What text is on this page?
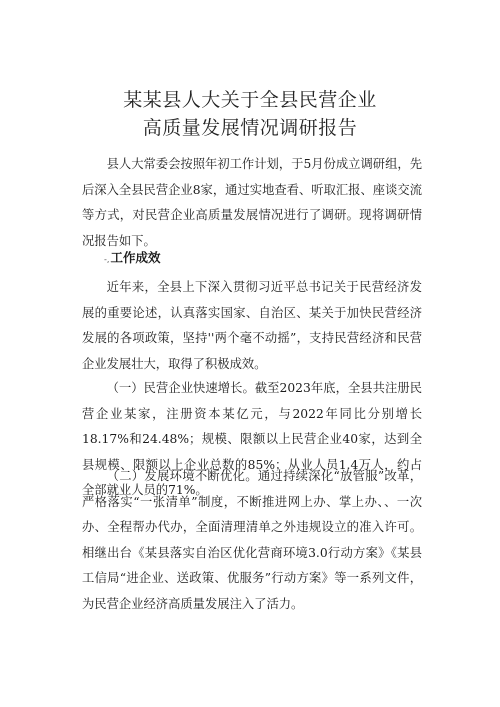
某某县人大关于全县民营企业
高质量发展情况调研报告
县人大常委会按照年初工作计划，于5月份成立调研组，先后深入全县民营企业8家，通过实地查看、听取汇报、座谈交流等方式，对民营企业高质量发展情况进行了调研。现将调研情况报告如下。
-,工作成效
近年来，全县上下深入贯彻习近平总书记关于民营经济发展的重要论述，认真落实国家、自治区、某关于加快民营经济发展的各项政策，坚持''两个毫不动摇”，支持民营经济和民营企业发展壮大，取得了积极成效。
（一）民营企业快速增长。截至2023年底，全县共注册民营企业某家，注册资本某亿元，与2022年同比分别增长18.17%和24.48%；规模、限额以上民营企业40家，达到全县规模、限额以上企业总数的85%；从业人员1.4万人，约占全部就业人员的71%。
（二）发展环境不断优化。通过持续深化“放管服”改革，严格落实“一张清单”制度，不断推进网上办、掌上办、、一次办、全程帮办代办，全面清理清单之外违规设立的准入许可。相继出台《某县落实自治区优化营商环境3.0行动方案》《某县工信局“进企业、送政策、优服务”行动方案》等一系列文件，为民营企业经济高质量发展注入了活力。
